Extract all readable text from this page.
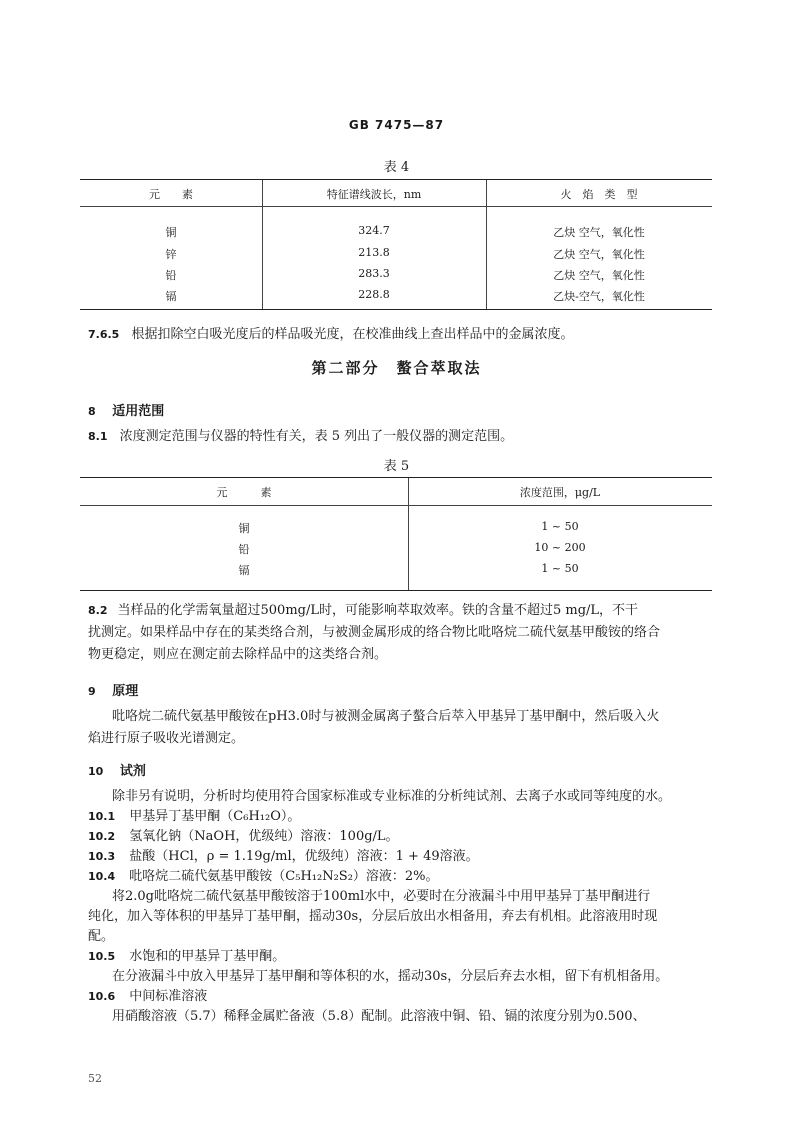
GB 7475—87
表 4
元　　素	特征谱线波长，nm	火　焰　类　型
铜	324.7	乙炔 空气，氧化性
锌	213.8	乙炔 空气，氧化性
铅	283.3	乙炔 空气，氧化性
镉	228.8	乙炔-空气，氧化性
7.6.5 根据扣除空白吸光度后的样品吸光度，在校准曲线上查出样品中的金属浓度。
第二部分　螯合萃取法
8 适用范围
8.1 浓度测定范围与仪器的特性有关，表 5 列出了一般仪器的测定范围。
表 5
元　　　素	浓度范围，μg/L
铜	1 ~ 50
铅	10 ~ 200
镉	1 ~ 50
8.2 当样品的化学需氧量超过500mg/L时，可能影响萃取效率。铁的含量不超过5 mg/L，不干
扰测定。如果样品中存在的某类络合剂，与被测金属形成的络合物比吡咯烷二硫代氨基甲酸铵的络合
物更稳定，则应在测定前去除样品中的这类络合剂。
9 原理
吡咯烷二硫代氨基甲酸铵在pH3.0时与被测金属离子螯合后萃入甲基异丁基甲酮中，然后吸入火
焰进行原子吸收光谱测定。
10 试剂
除非另有说明，分析时均使用符合国家标准或专业标准的分析纯试剂、去离子水或同等纯度的水。
10.1 甲基异丁基甲酮（C₆H₁₂O）。
10.2 氢氧化钠（NaOH，优级纯）溶液：100g/L。
10.3 盐酸（HCl，ρ = 1.19g/ml，优级纯）溶液：1 + 49溶液。
10.4 吡咯烷二硫代氨基甲酸铵（C₅H₁₂N₂S₂）溶液：2%。
将2.0g吡咯烷二硫代氨基甲酸铵溶于100ml水中，必要时在分液漏斗中用甲基异丁基甲酮进行
纯化，加入等体积的甲基异丁基甲酮，摇动30s，分层后放出水相备用，弃去有机相。此溶液用时现
配。
10.5 水饱和的甲基异丁基甲酮。
在分液漏斗中放入甲基异丁基甲酮和等体积的水，摇动30s，分层后弃去水相，留下有机相备用。
10.6 中间标准溶液
用硝酸溶液（5.7）稀释金属贮备液（5.8）配制。此溶液中铜、铅、镉的浓度分别为0.500、
52
